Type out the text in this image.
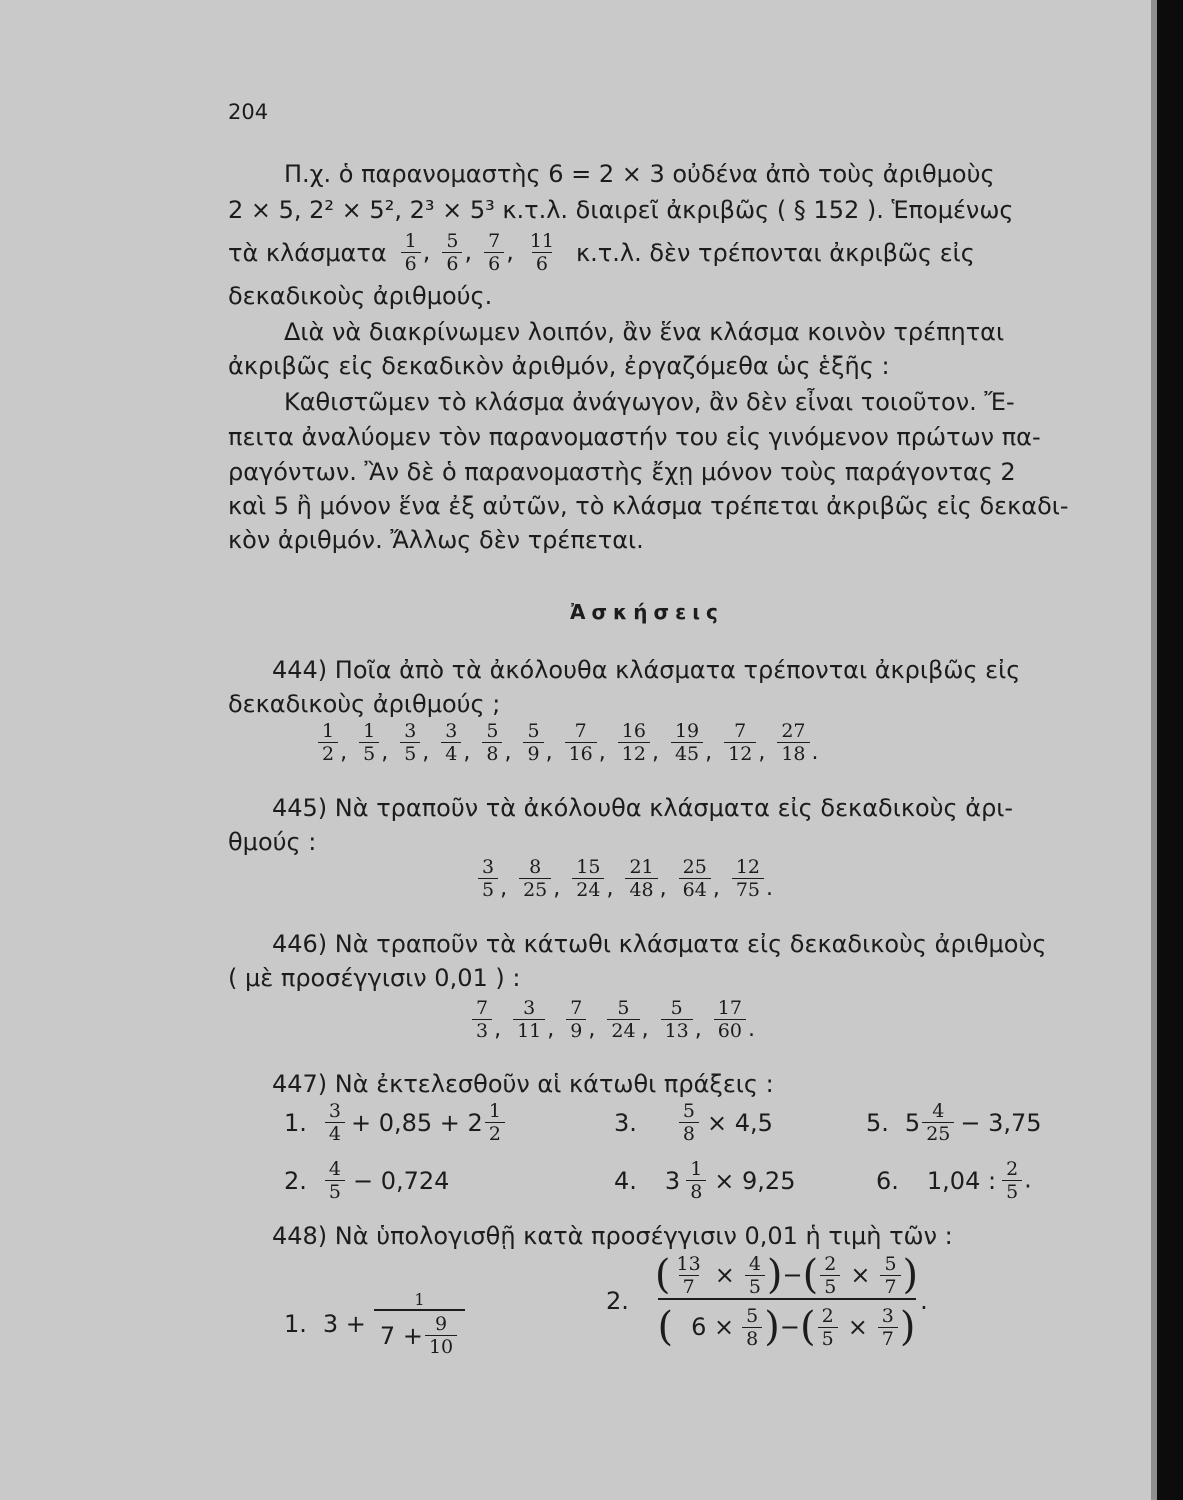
204
Π.χ. ὁ παρανομαστὴς 6 = 2 × 3 οὐδένα ἀπὸ τοὺς ἀριθμοὺς
2 × 5, 2² × 5², 2³ × 5³ κ.τ.λ. διαιρεῖ ἀκριβῶς ( § 152 ). Ἑπομένως
τὰ κλάσματα $\frac{1}{6}$ , $\frac{5}{6}$ , $\frac{7}{6}$ , $\frac{11}{6} \kappa.\tau.\lambda$. δὲν τρέπονται ἀκριβῶς εἰς
δεκαδικοὺς ἀριθμούς.
Διὰ νὰ διακρίνωμεν λοιπόν, ἂν ἕνα κλάσμα κοινὸν τρέπηται
ἀκριβῶς εἰς δεκαδικὸν ἀριθμόν, ἐργαζόμεθα ὡς ἑξῆς :
Καθιστῶμεν τὸ κλάσμα ἀνάγωγον, ἂν δὲν εἶναι τοιοῦτον. Ἔ-
πειτα ἀναλύομεν τὸν παρανομαστήν του εἰς γινόμενον πρώτων πα-
ραγόντων. Ἂν δὲ ὁ παρανομαστὴς ἔχῃ μόνον τοὺς παράγοντας 2
καὶ 5 ἢ μόνον ἕνα ἐξ αὐτῶν, τὸ κλάσμα τρέπεται ἀκριβῶς εἰς δεκαδι-
κὸν ἀριθμόν. Ἄλλως δὲν τρέπεται.
Ἀσκήσεις
444) Ποῖα ἀπὸ τὰ ἀκόλουθα κλάσματα τρέπονται ἀκριβῶς εἰς
δεκαδικοὺς ἀριθμούς ;
$\frac{1}{2}$ , $\frac{1}{5}$ , $\frac{3}{5}$ , $\frac{3}{4}$ , $\frac{5}{8}$ , $\frac{5}{9}$ , $\frac{7}{16}$ , $\frac{16}{12}$ , $\frac{19}{45}$ , $\frac{7}{12}$ , $\frac{27}{18}$ .
445) Νὰ τραποῦν τὰ ἀκόλουθα κλάσματα εἰς δεκαδικοὺς ἀρι-
θμούς :
$\frac{3}{5}$ , $\frac{8}{25}$ , $\frac{15}{24}$ , $\frac{21}{48}$ , $\frac{25}{64}$ , $\frac{12}{75}$ .
446) Νὰ τραποῦν τὰ κάτωθι κλάσματα εἰς δεκαδικοὺς ἀριθμοὺς
( μὲ προσέγγισιν 0,01 ) :
$\frac{7}{3}$ , $\frac{3}{11}$ , $\frac{7}{9}$ , $\frac{5}{24}$ , $\frac{5}{13}$ , $\frac{17}{60}$ .
447) Νὰ ἐκτελεσθοῦν αἱ κάτωθι πράξεις :
1. $\frac{3}{4} + 0,85 + 2 \frac{1}{2}$	3. $\frac{5}{8} \times 4,5$	5. $5 \frac{4}{25} - 3,75$
2. $\frac{4}{5} - 0,724$	4. $3 \frac{1}{8} \times 9,25$	6. 1,04 : $\frac{2}{5}$ .
448) Νὰ ὑπολογισθῇ κατὰ προσέγγισιν 0,01 ἡ τιμὴ τῶν :
1. 3 +
1
$7 + \frac{9}{10}$
2.
( $\frac{13}{7} \times \frac{4}{5}$ ) − ( $\frac{2}{5} \times \frac{5}{7}$ )
( $6 \times \frac{5}{8}$ ) − ( $\frac{2}{5} \times \frac{3}{7}$ )
.
